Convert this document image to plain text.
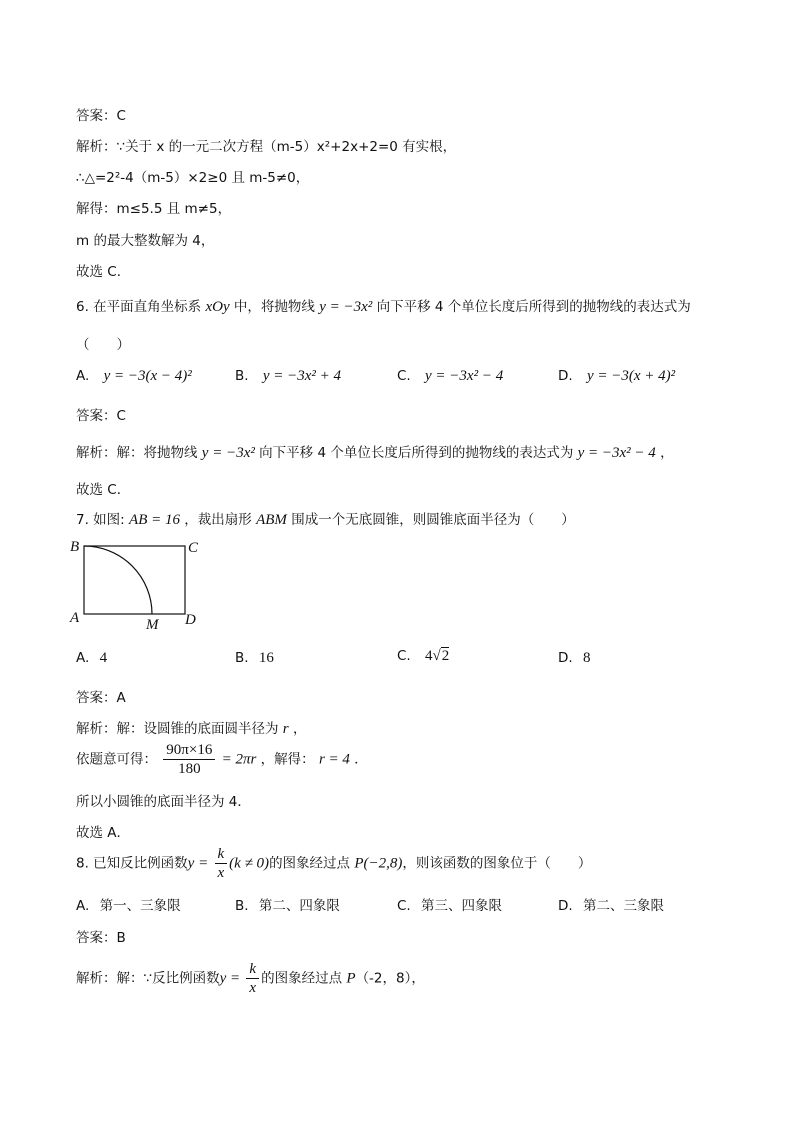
答案：C
解析：∵关于 x 的一元二次方程（m-5）x²+2x+2=0 有实根，
∴△=2²-4（m-5）×2≥0 且 m-5≠0，
解得：m≤5.5 且 m≠5，
m 的最大整数解为 4，
故选 C．
6. 在平面直角坐标系 xOy 中，将抛物线 y = −3x² 向下平移 4 个单位长度后所得到的抛物线的表达式为
（　　）
A. y = −3(x − 4)²	B. y = −3x² + 4	C. y = −3x² − 4	D. y = −3(x + 4)²
答案：C
解析：解：将抛物线 y = −3x² 向下平移 4 个单位长度后所得到的抛物线的表达式为 y = −3x² − 4 ，
故选 C．
7. 如图: AB = 16 ，裁出扇形 ABM 围成一个无底圆锥，则圆锥底面半径为（　　）
B	C
A	M D
A. 4	B. 16	C. 4√2	D. 8
答案：A
解析：解：设圆锥的底面圆半径为 r ，
依题意可得： $\frac{90\pi\times 16}{180} = 2\pi r$ ，解得： r = 4 ．
所以小圆锥的底面半径为 4．
故选 A．
8. 已知反比例函数$y = \frac{k}{x} (k \ne 0)$的图象经过点 P(−2,8)，则该函数的图象位于（　　）
A. 第一、三象限	B. 第二、四象限	C. 第三、四象限	D. 第二、三象限
答案：B
解析：解：∵反比例函数$y = \frac{k}{x}$ 的图象经过点 P（-2，8），
